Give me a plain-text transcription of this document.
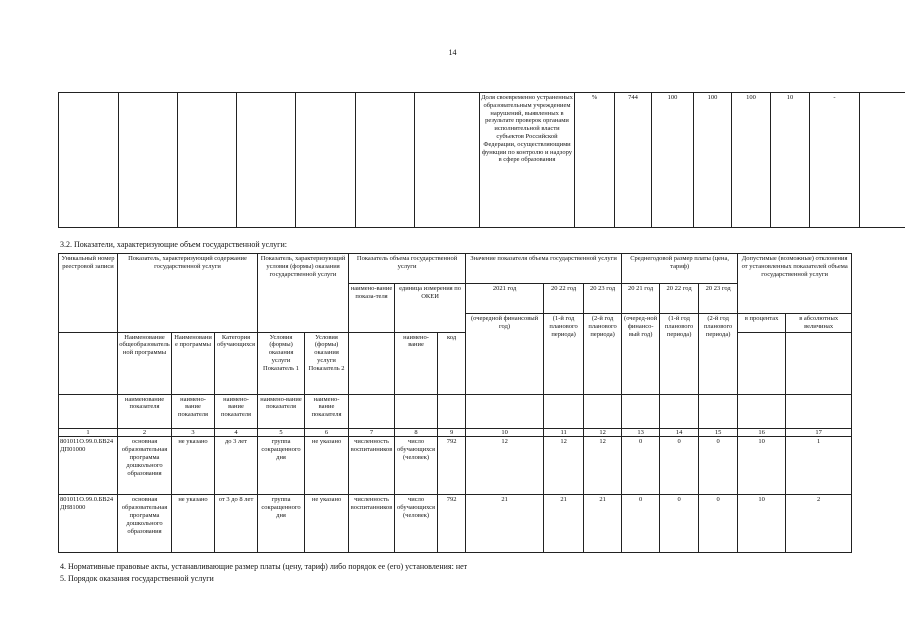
14
							Доля своевременно устраненных образовательным учреждением нарушений, выявленных в результате проверок органами исполнительной власти субъектов Российской Федерации, осуществляющими функции по контролю и надзору в сфере образования	%	744	100	100	100	10	-	
3.2. Показатели, характеризующие объем государственной услуги:
Уникальный номер реестровой записи	Показатель, характеризующий содержание государственной услуги			Показатель, характеризующий условия (формы) оказания государственной услуги		Показатель объема государственной услуги			Значение показателя объема государственной услуги			Среднегодовой размер платы (цена, тариф)			Допустимые (возможные) отклонения от установленных показателей объема государственной услуги	
						наимено-вание показа-теля	единица измерения по ОКЕИ		2021 год	20 22 год	20 23 год	20 21 год	20 22 год	20 23 год		
									(очередной финансовый год)	(1-й год планового периода)	(2-й год планового периода)	(очеред-ной финансо-вый год)	(1-й год планового периода)	(2-й год планового периода)	в процентах	в абсолютных величинах
	Наименование общеобразовательной программы	Наименование программы	Категория обучающихся	Условия (формы) оказания услуги Показатель 1	Условия (формы) оказания услуги Показатель 2		наимено-вание	код								
	наименование показателя	наимено-вание показателя	наимено-вание показателя	наимено-вание показателя	наимено-вание показателя											
1	2	3	4	5	6	7	8	9	10	11	12	13	14	15	16	17
801011О.99.0.БВ24ДП01000	основная образовательная программа дошкольного образования	не указано	до 3 лет	группа сокращенного дня	не указано	численность воспитанников	число обучающихся (человек)	792	12	12	12	0	0	0	10	1
801011О.99.0.БВ24ДН81000	основная образовательная программа дошкольного образования	не указано	от 3 до 8 лет	группа сокращенного дня	не указано	численность воспитанников	число обучающихся (человек)	792	21	21	21	0	0	0	10	2
4. Нормативные правовые акты, устанавливающие размер платы (цену, тариф) либо порядок ее (его) установления: нет
5. Порядок оказания государственной услуги
